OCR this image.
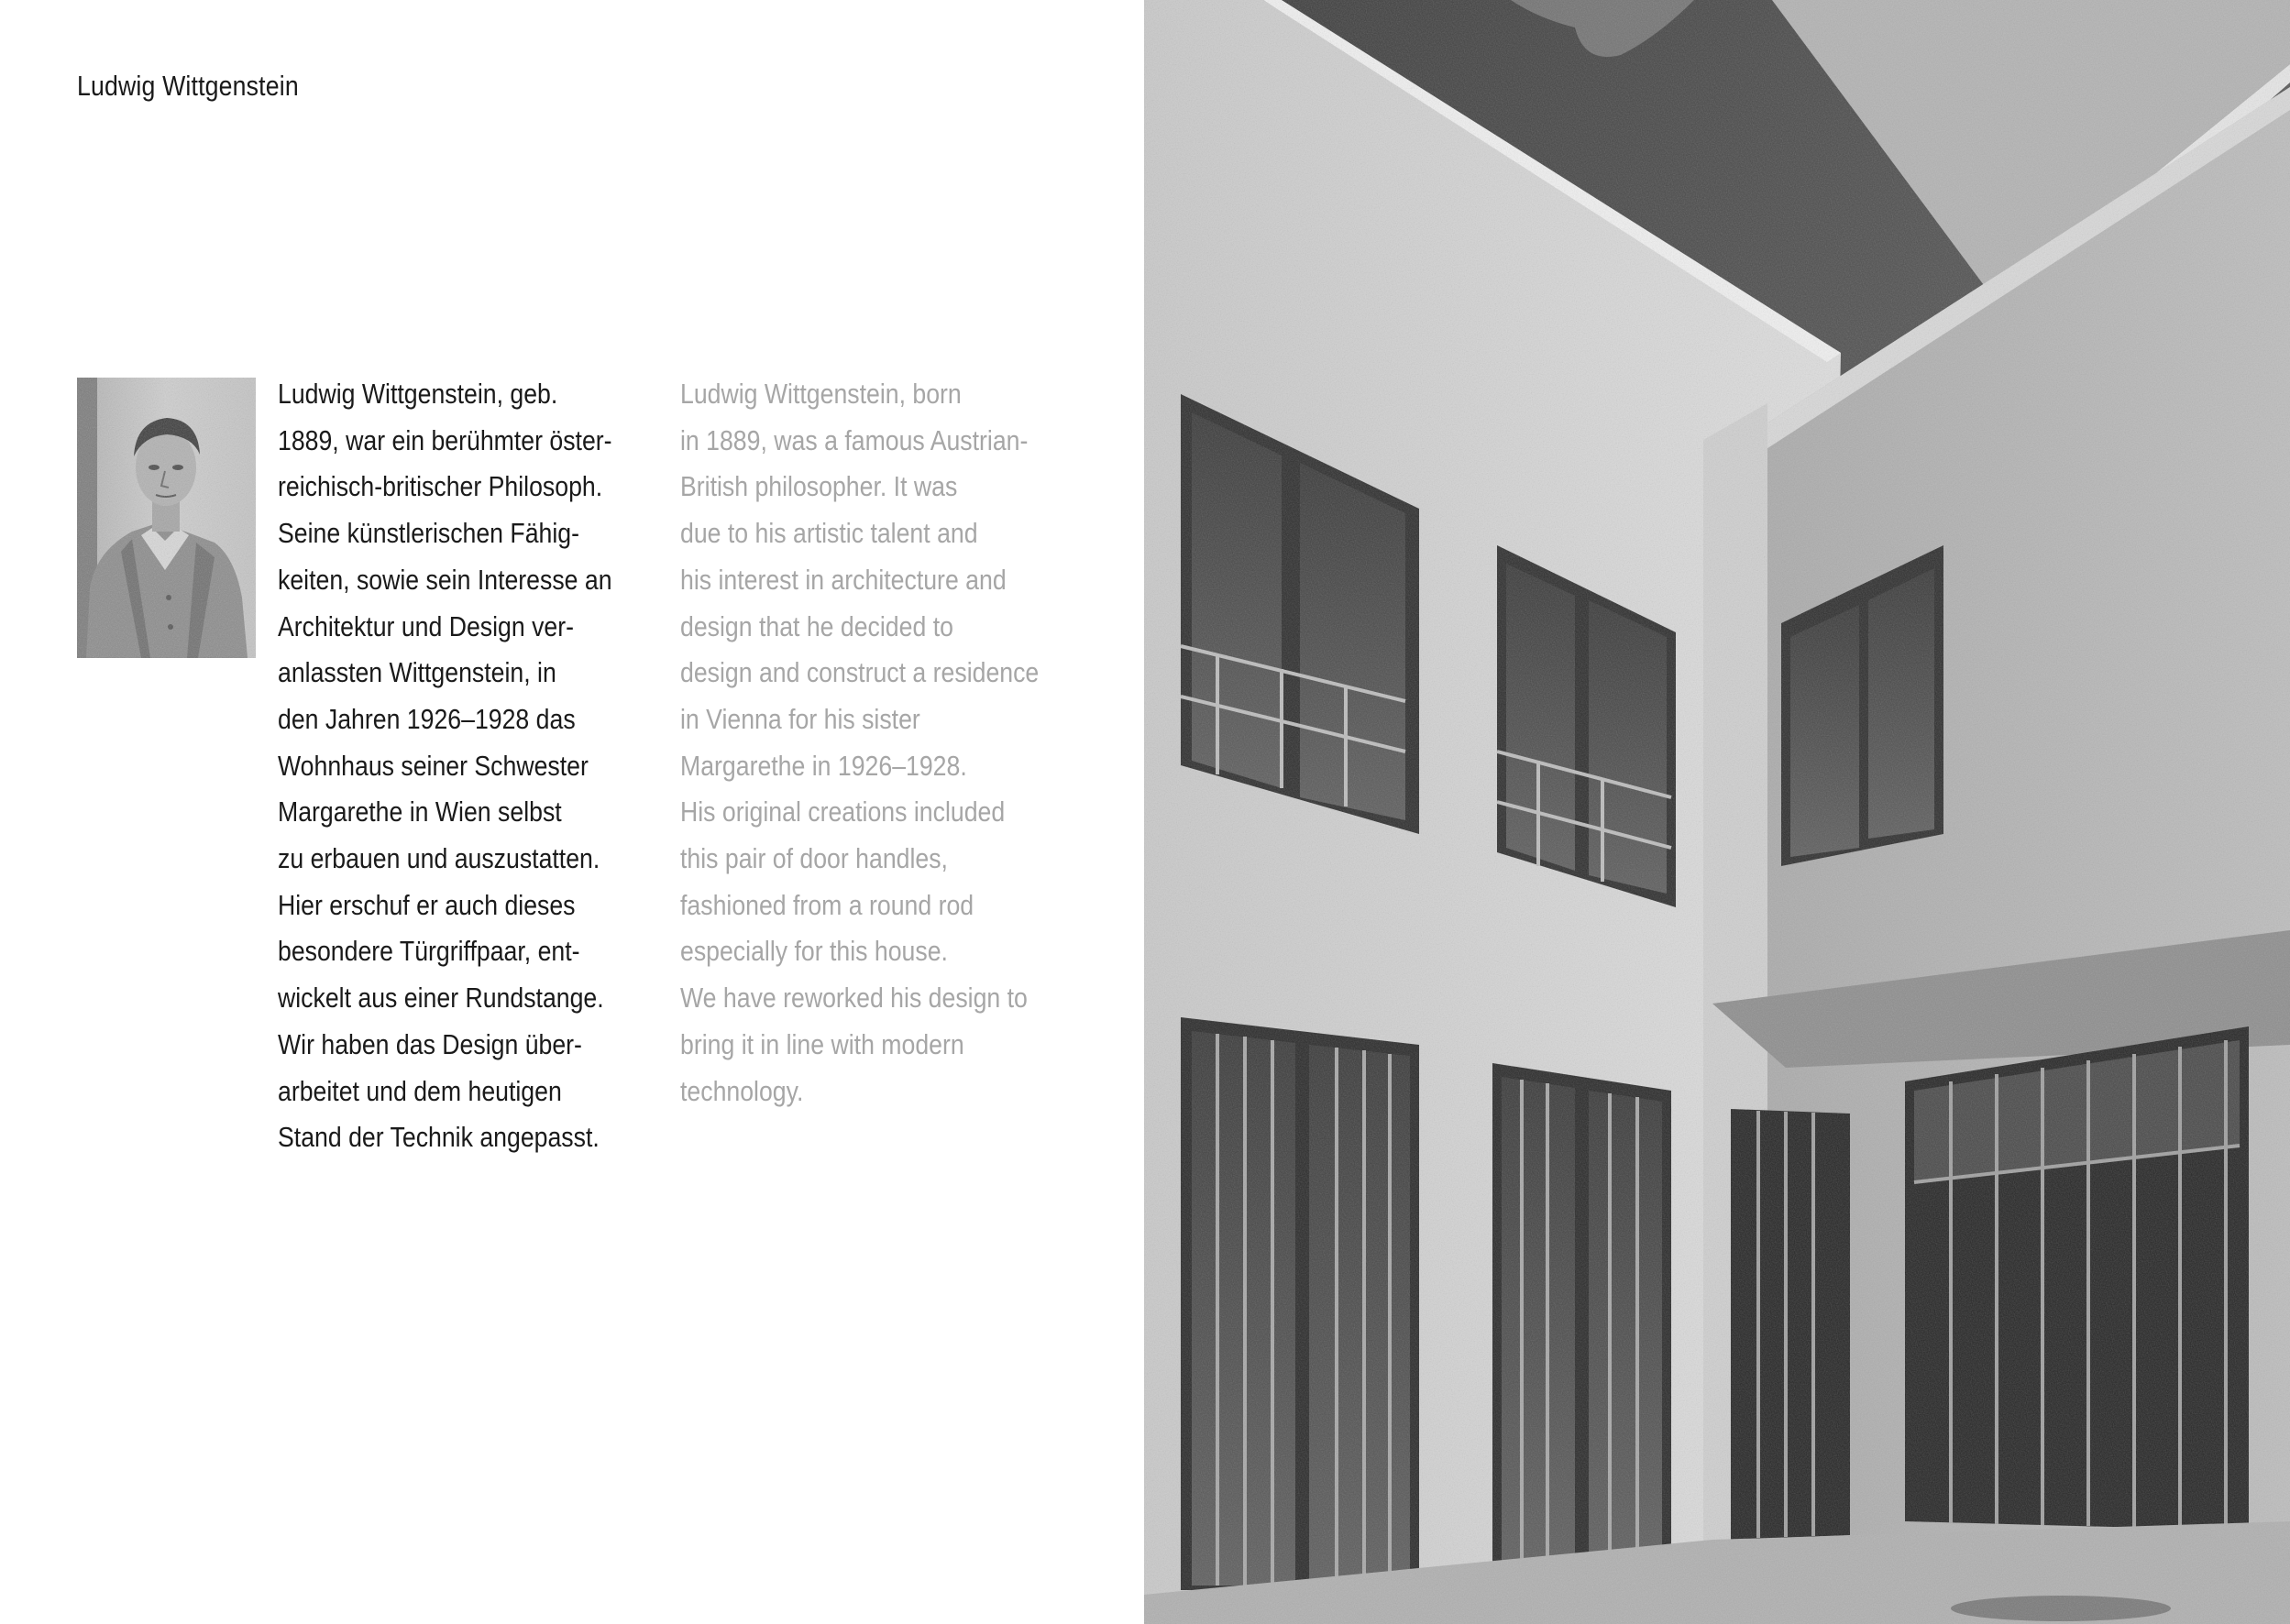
Ludwig Wittgenstein
Ludwig Wittgenstein, geb.
1889, war ein berühmter öster-
reichisch-britischer Philosoph.
Seine künstlerischen Fähig-
keiten, sowie sein Interesse an
Architektur und Design ver-
anlassten Wittgenstein, in
den Jahren 1926–1928 das
Wohnhaus seiner Schwester
Margarethe in Wien selbst
zu erbauen und auszustatten.
Hier erschuf er auch dieses
besondere Türgriffpaar, ent-
wickelt aus einer Rundstange.
Wir haben das Design über-
arbeitet und dem heutigen
Stand der Technik angepasst.
Ludwig Wittgenstein, born
in 1889, was a famous Austrian-
British philosopher. It was
due to his artistic talent and
his interest in architecture and
design that he decided to
design and construct a residence
in Vienna for his sister
Margarethe in 1926–1928.
His original creations included
this pair of door handles,
fashioned from a round rod
especially for this house.
We have reworked his design to
bring it in line with modern
technology.
